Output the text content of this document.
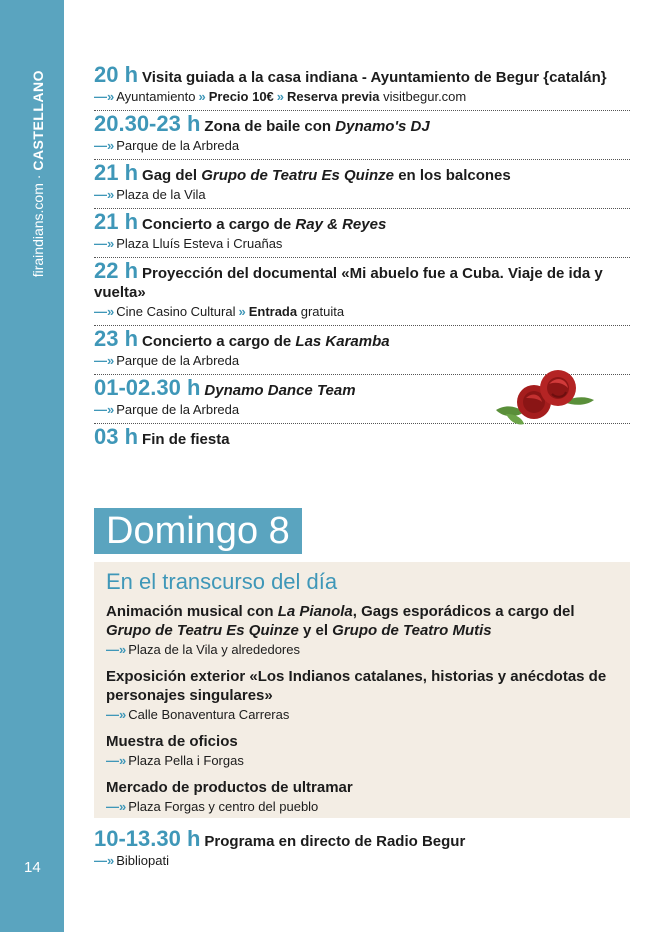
firaindians.com · CASTELLANO
14
20 h Visita guiada a la casa indiana - Ayuntamiento de Begur {catalán}
—» Ayuntamiento » Precio 10€ » Reserva previa visitbegur.com
20.30-23 h Zona de baile con Dynamo's DJ
—» Parque de la Arbreda
21 h Gag del Grupo de Teatru Es Quinze en los balcones
—» Plaza de la Vila
21 h Concierto a cargo de Ray & Reyes
—» Plaza Lluís Esteva i Cruañas
22 h Proyección del documental «Mi abuelo fue a Cuba. Viaje de ida y vuelta»
—» Cine Casino Cultural » Entrada gratuita
23 h Concierto a cargo de Las Karamba
—» Parque de la Arbreda
01-02.30 h Dynamo Dance Team
—» Parque de la Arbreda
03 h Fin de fiesta
Domingo 8
En el transcurso del día
Animación musical con La Pianola, Gags esporádicos a cargo del Grupo de Teatru Es Quinze y el Grupo de Teatro Mutis
—» Plaza de la Vila y alrededores
Exposición exterior «Los Indianos catalanes, historias y anécdotas de personajes singulares»
—» Calle Bonaventura Carreras
Muestra de oficios
—» Plaza Pella i Forgas
Mercado de productos de ultramar
—» Plaza Forgas y centro del pueblo
10-13.30 h Programa en directo de Radio Begur
—» Bibliopati
